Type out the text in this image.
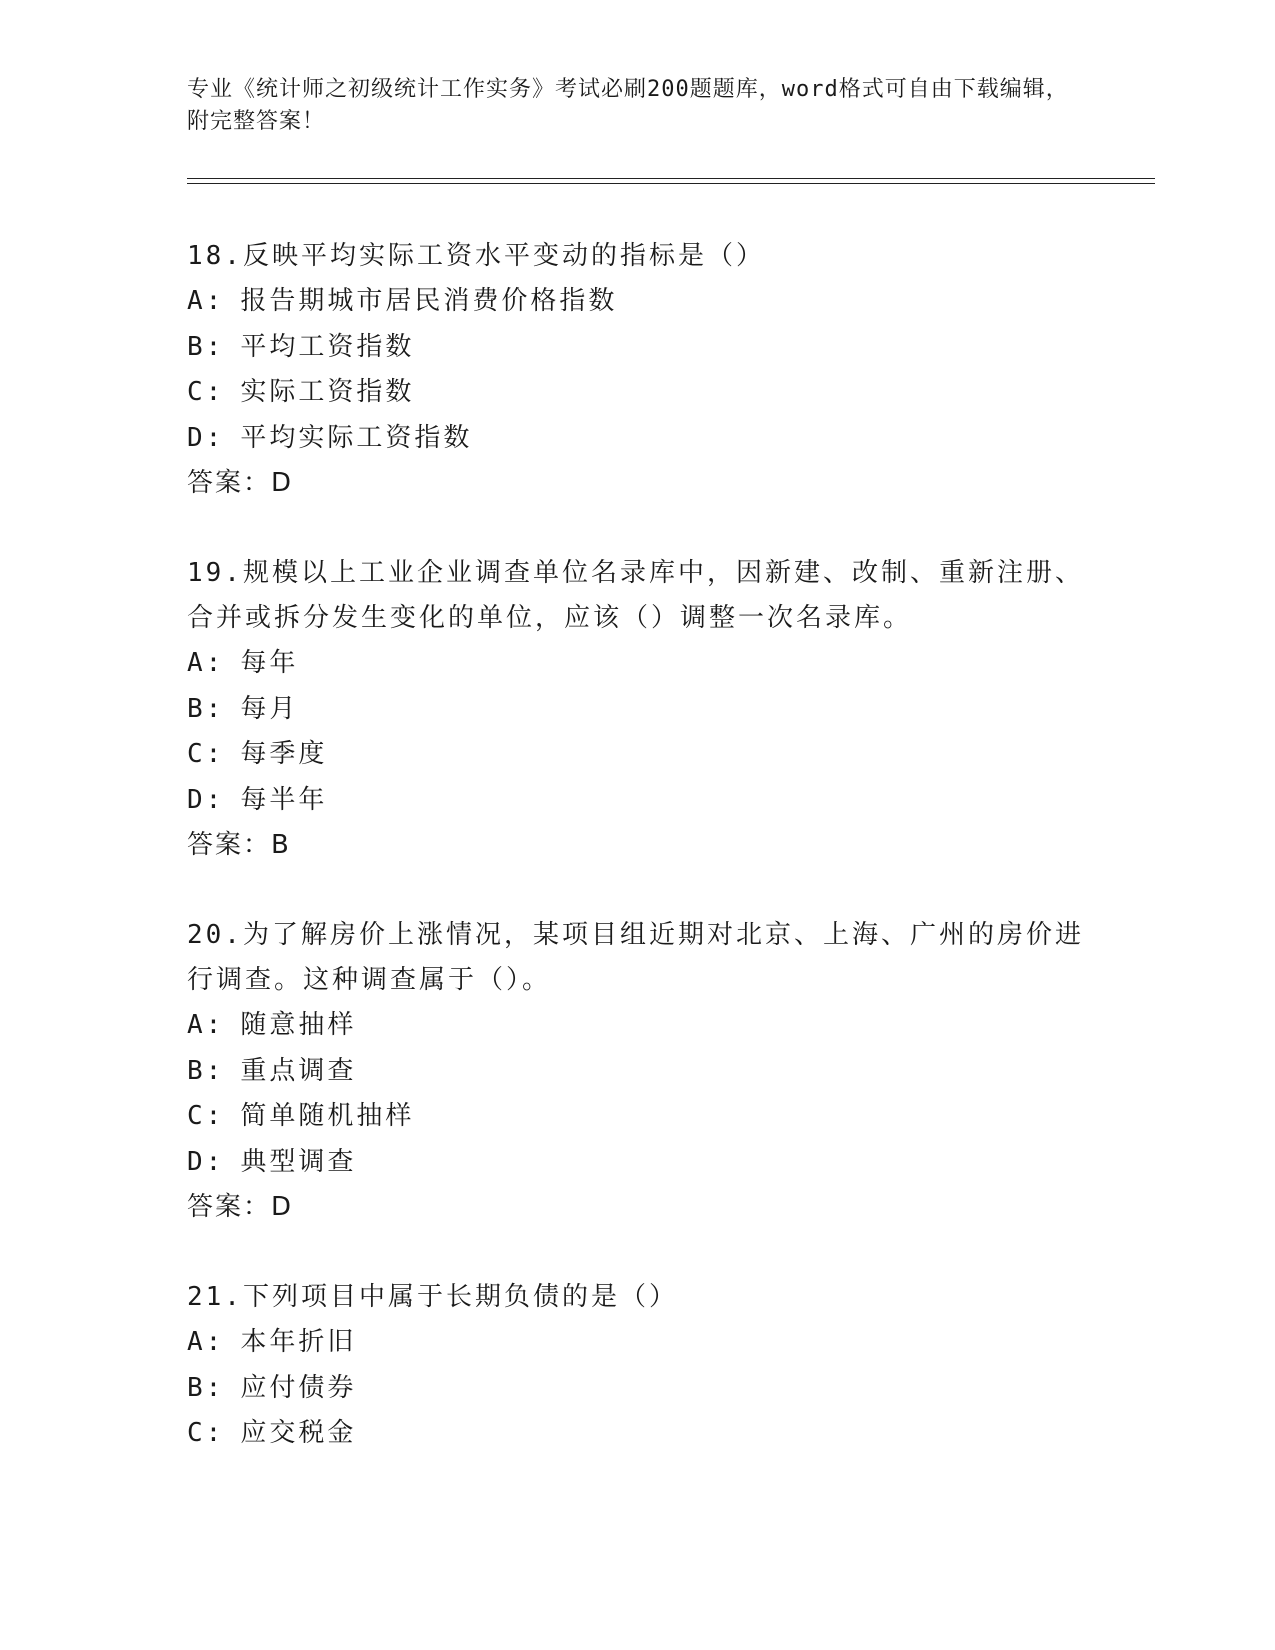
专业《统计师之初级统计工作实务》考试必刷200题题库，word格式可自由下载编辑，附完整答案！
18.反映平均实际工资水平变动的指标是（）
A: 报告期城市居民消费价格指数
B: 平均工资指数
C: 实际工资指数
D: 平均实际工资指数
答案：D
19.规模以上工业企业调查单位名录库中，因新建、改制、重新注册、合并或拆分发生变化的单位，应该（）调整一次名录库。
A: 每年
B: 每月
C: 每季度
D: 每半年
答案：B
20.为了解房价上涨情况，某项目组近期对北京、上海、广州的房价进行调查。这种调查属于（）。
A: 随意抽样
B: 重点调查
C: 简单随机抽样
D: 典型调查
答案：D
21.下列项目中属于长期负债的是（）
A: 本年折旧
B: 应付债券
C: 应交税金
